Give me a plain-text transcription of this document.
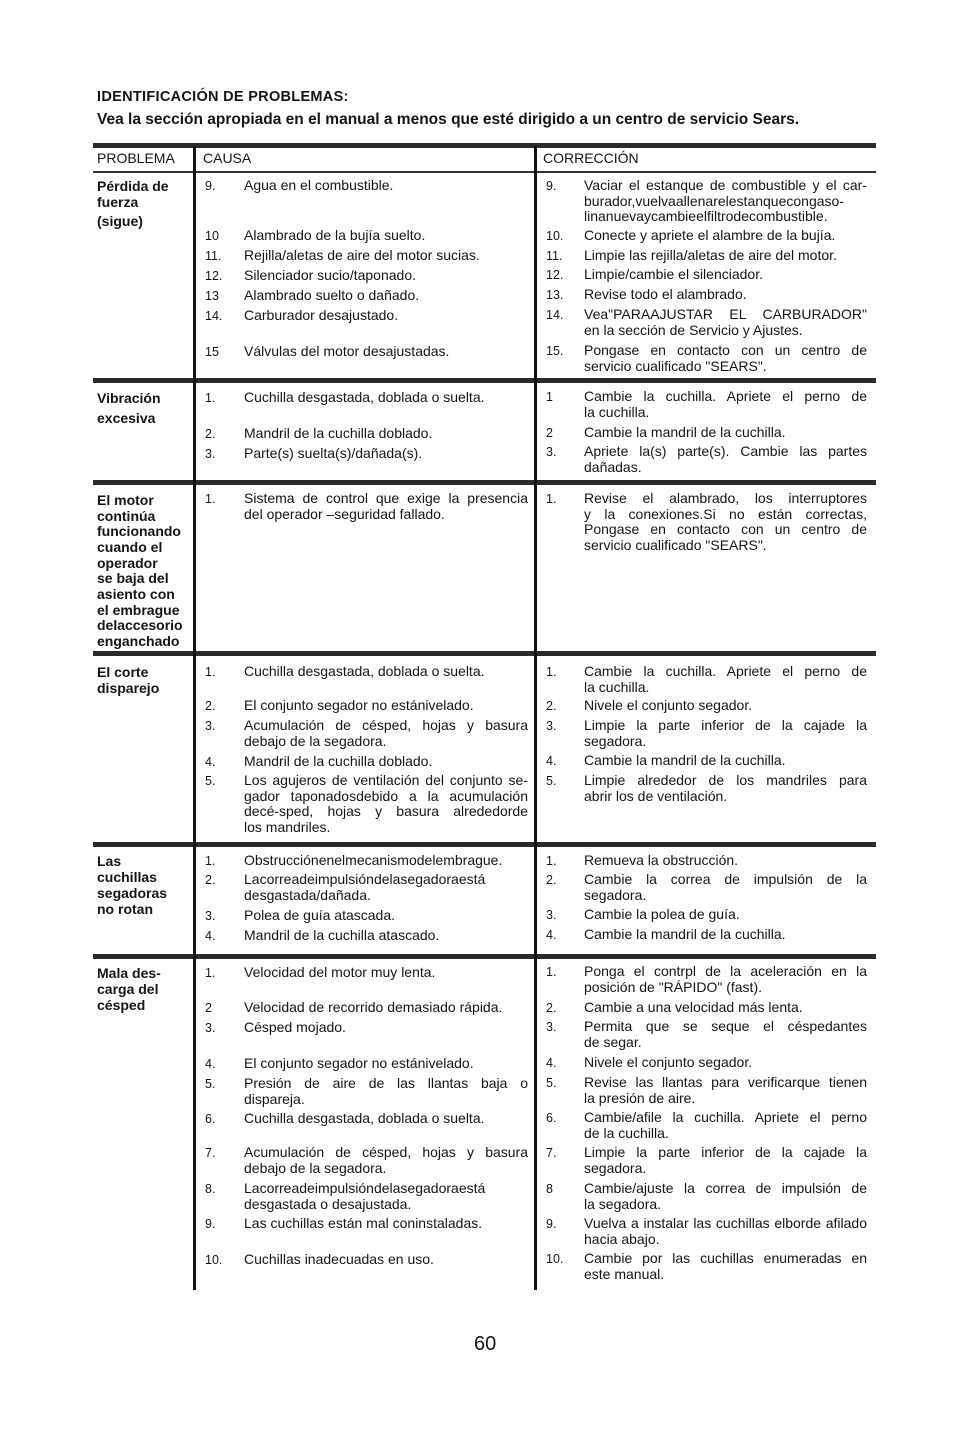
IDENTIFICACIÓN DE PROBLEMAS:
Vea la sección apropiada en el manual a menos que esté dirigido a un centro de servicio Sears.
PROBLEMA CAUSA	CORRECCIÓN
Pérdida de
fuerza
(sigue)
9. Agua en el combustible.
10 Alambrado de la bujía suelto.
11. Rejilla/aletas de aire del motor sucias.
12. Silenciador sucio/taponado.
13 Alambrado suelto o dañado.
14. Carburador desajustado.
15 Válvulas del motor desajustadas.
9. Vaciar el estanque de combustible y el car-
burador,vuelvaallenarelestanquecongaso-
linanuevaycambieelfiltrodecombustible.
10. Conecte y apriete el alambre de la bujía.
11. Limpie las rejilla/aletas de aire del motor.
12. Limpie/cambie el silenciador.
13. Revise todo el alambrado.
14. Vea"PARAAJUSTAR EL CARBURADOR"
en la sección de Servicio y Ajustes.
15. Pongase en contacto con un centro de
servicio cualificado "SEARS".
Vibración
excesiva
1. Cuchilla desgastada, doblada o suelta.
2. Mandril de la cuchilla doblado.
3. Parte(s) suelta(s)/dañada(s).
1 Cambie la cuchilla. Apriete el perno de
la cuchilla.
2 Cambie la mandril de la cuchilla.
3. Apriete la(s) parte(s). Cambie las partes
dañadas.
El motor
continúa
funcionando
cuando el
operador
se baja del
asiento con
el embrague
delaccesorio
enganchado
1. Sistema de control que exige la presencia
del operador –seguridad fallado.
1. Revise el alambrado, los interruptores
y la conexiones.Si no están correctas,
Pongase en contacto con un centro de
servicio cualificado "SEARS".
El corte
disparejo
1. Cuchilla desgastada, doblada o suelta.
2. El conjunto segador no estánivelado.
3. Acumulación de césped, hojas y basura
debajo de la segadora.
4. Mandril de la cuchilla doblado.
5. Los agujeros de ventilación del conjunto se-
gador taponadosdebido a la acumulación
decé-sped, hojas y basura alrededorde
los mandriles.
1. Cambie la cuchilla. Apriete el perno de
la cuchilla.
2. Nivele el conjunto segador.
3. Limpie la parte inferior de la cajade la
segadora.
4. Cambie la mandril de la cuchilla.
5. Limpie alrededor de los mandriles para
abrir los de ventilación.
Las
cuchillas
segadoras
no rotan
1. Obstrucciónenelmecanismodelembrague.
2. Lacorreadeimpulsióndelasegadoraestá
desgastada/dañada.
3. Polea de guía atascada.
4. Mandril de la cuchilla atascado.
1. Remueva la obstrucción.
2. Cambie la correa de impulsión de la
segadora.
3. Cambie la polea de guía.
4. Cambie la mandril de la cuchilla.
Mala des-
carga del
césped
1. Velocidad del motor muy lenta.
2 Velocidad de recorrido demasiado rápida.
3. Césped mojado.
4. El conjunto segador no estánivelado.
5. Presión de aire de las llantas baja o
dispareja.
6. Cuchilla desgastada, doblada o suelta.
7. Acumulación de césped, hojas y basura
debajo de la segadora.
8. Lacorreadeimpulsióndelasegadoraestá
desgastada o desajustada.
9. Las cuchillas están mal coninstaladas.
10. Cuchillas inadecuadas en uso.
1. Ponga el contrpl de la aceleración en la
posición de "RÁPIDO" (fast).
2. Cambie a una velocidad más lenta.
3. Permita que se seque el céspedantes
de segar.
4. Nivele el conjunto segador.
5. Revise las llantas para verificarque tienen
la presión de aire.
6. Cambie/afile la cuchilla. Apriete el perno
de la cuchilla.
7. Limpie la parte inferior de la cajade la
segadora.
8 Cambie/ajuste la correa de impulsión de
la segadora.
9. Vuelva a instalar las cuchillas elborde afilado
hacia abajo.
10. Cambie por las cuchillas enumeradas en
este manual.
60
